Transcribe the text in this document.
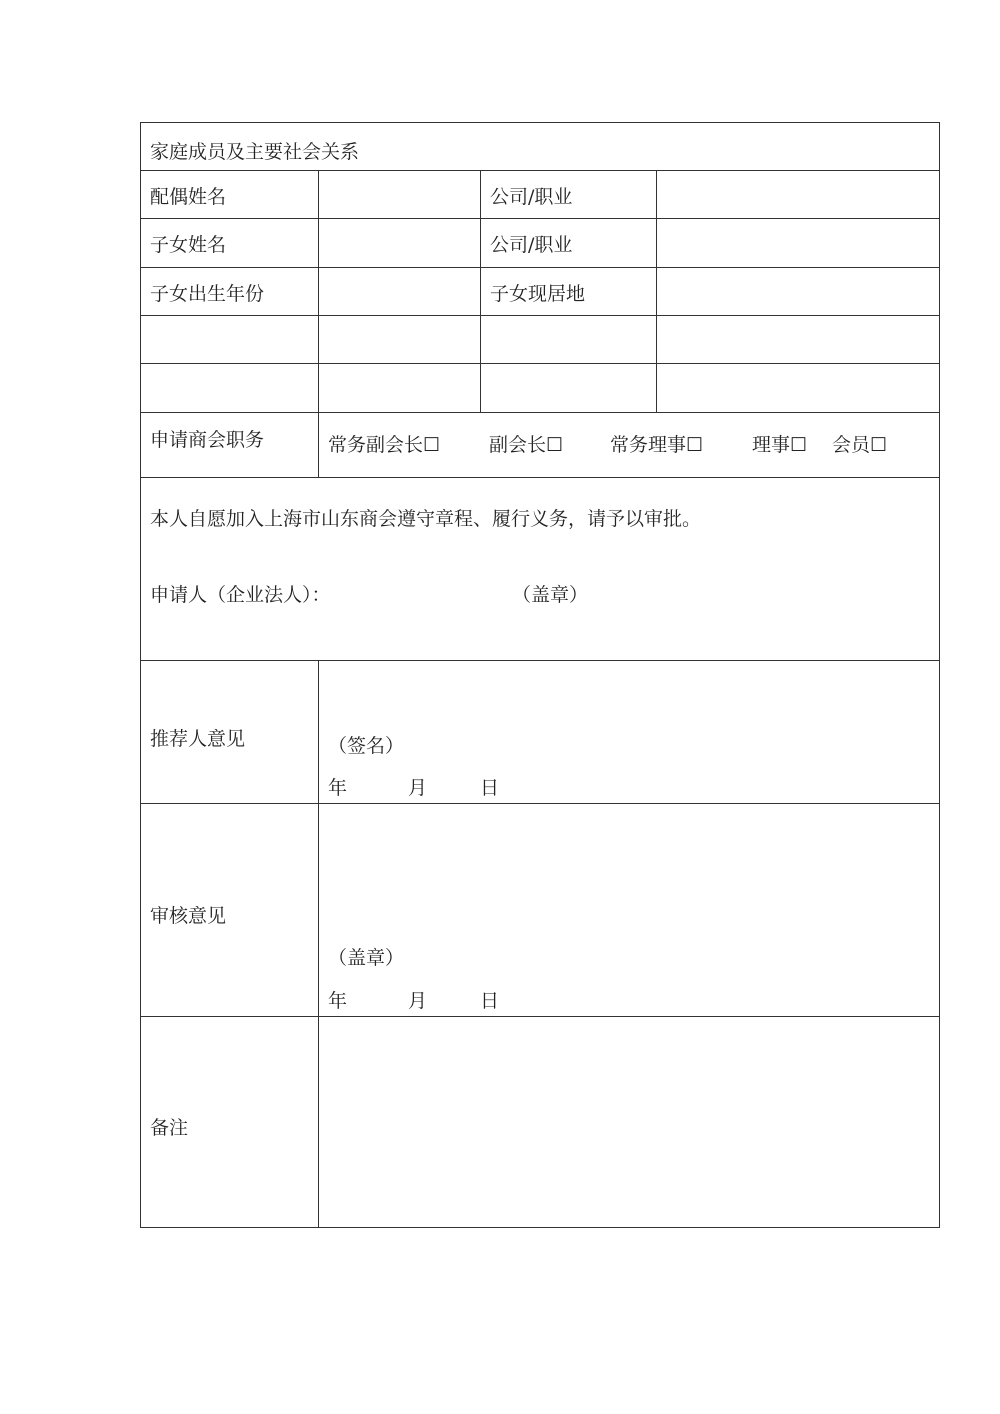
家庭成员及主要社会关系
配偶姓名	公司/职业
子女姓名	公司/职业
子女出生年份	子女现居地
申请商会职务	常务副会长☐	副会长☐ 常务理事☐	理事☐ 会员☐
本人自愿加入上海市山东商会遵守章程、履行义务，请予以审批。
申请人（企业法人）：	（盖章）
推荐人意见	（签名）
年	月	日
审核意见
（盖章）
年	月	日
备注
